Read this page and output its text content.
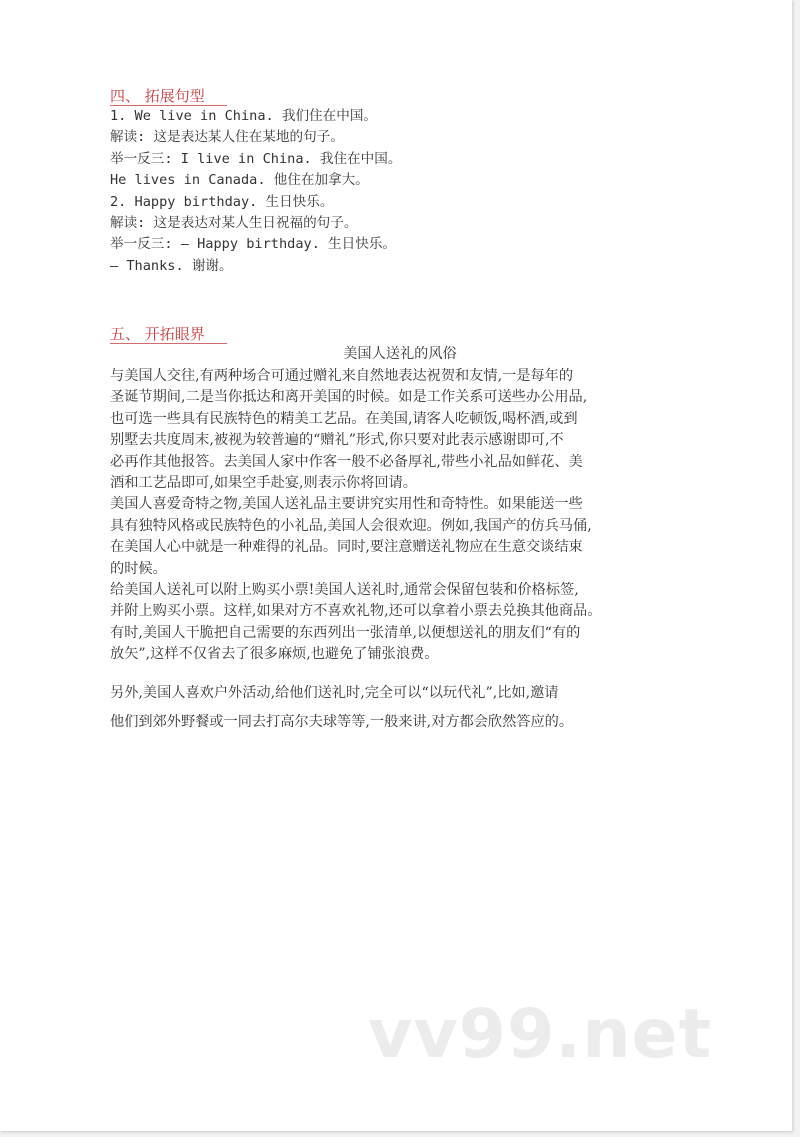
四、 拓展句型
1. We live in China. 我们住在中国。
解读: 这是表达某人住在某地的句子。
举一反三: I live in China. 我住在中国。
He lives in Canada. 他住在加拿大。
2. Happy birthday. 生日快乐。
解读: 这是表达对某人生日祝福的句子。
举一反三: — Happy birthday. 生日快乐。
— Thanks. 谢谢。
五、 开拓眼界
美国人送礼的风俗
与美国人交往,有两种场合可通过赠礼来自然地表达祝贺和友情,一是每年的
圣诞节期间,二是当你抵达和离开美国的时候。如是工作关系可送些办公用品,
也可选一些具有民族特色的精美工艺品。在美国,请客人吃顿饭,喝杯酒,或到
别墅去共度周末,被视为较普遍的“赠礼”形式,你只要对此表示感谢即可,不
必再作其他报答。去美国人家中作客一般不必备厚礼,带些小礼品如鲜花、美
酒和工艺品即可,如果空手赴宴,则表示你将回请。
美国人喜爱奇特之物,美国人送礼品主要讲究实用性和奇特性。如果能送一些
具有独特风格或民族特色的小礼品,美国人会很欢迎。例如,我国产的仿兵马俑,
在美国人心中就是一种难得的礼品。同时,要注意赠送礼物应在生意交谈结束
的时候。
给美国人送礼可以附上购买小票!美国人送礼时,通常会保留包装和价格标签,
并附上购买小票。这样,如果对方不喜欢礼物,还可以拿着小票去兑换其他商品。
有时,美国人干脆把自己需要的东西列出一张清单,以便想送礼的朋友们“有的
放矢”,这样不仅省去了很多麻烦,也避免了铺张浪费。
另外,美国人喜欢户外活动,给他们送礼时,完全可以“以玩代礼”,比如,邀请
他们到郊外野餐或一同去打高尔夫球等等,一般来讲,对方都会欣然答应的。
vv99.net
